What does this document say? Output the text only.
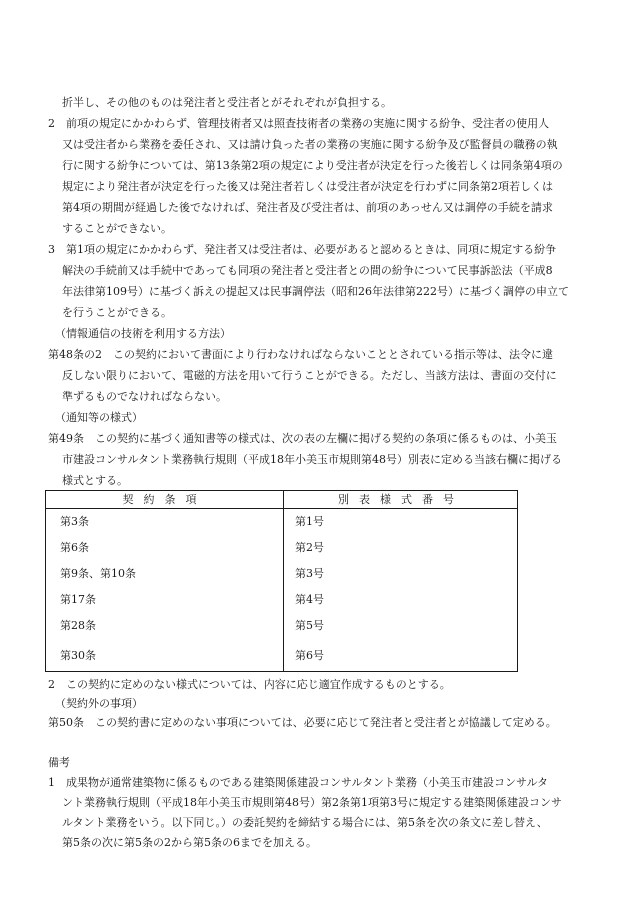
折半し、その他のものは発注者と受注者とがそれぞれが負担する。
2　前項の規定にかかわらず、管理技術者又は照査技術者の業務の実施に関する紛争、受注者の使用人
又は受注者から業務を委任され、又は請け負った者の業務の実施に関する紛争及び監督員の職務の執
行に関する紛争については、第13条第2項の規定により受注者が決定を行った後若しくは同条第4項の
規定により発注者が決定を行った後又は発注者若しくは受注者が決定を行わずに同条第2項若しくは
第4項の期間が経過した後でなければ、発注者及び受注者は、前項のあっせん又は調停の手続を請求
することができない。
3　第1項の規定にかかわらず、発注者又は受注者は、必要があると認めるときは、同項に規定する紛争
解決の手続前又は手続中であっても同項の発注者と受注者との間の紛争について民事訴訟法（平成8
年法律第109号）に基づく訴えの提起又は民事調停法（昭和26年法律第222号）に基づく調停の申立て
を行うことができる。
（情報通信の技術を利用する方法）
第48条の2　この契約において書面により行わなければならないこととされている指示等は、法令に違
反しない限りにおいて、電磁的方法を用いて行うことができる。ただし、当該方法は、書面の交付に
準ずるものでなければならない。
（通知等の様式）
第49条　この契約に基づく通知書等の様式は、次の表の左欄に掲げる契約の条項に係るものは、小美玉
市建設コンサルタント業務執行規則（平成18年小美玉市規則第48号）別表に定める当該右欄に掲げる
様式とする。
契約条項	別表様式番号
第3条	第1号
第6条	第2号
第9条、第10条	第3号
第17条	第4号
第28条	第5号
第30条	第6号
2　この契約に定めのない様式については、内容に応じ適宜作成するものとする。
（契約外の事項）
第50条　この契約書に定めのない事項については、必要に応じて発注者と受注者とが協議して定める。
備考
1　成果物が通常建築物に係るものである建築関係建設コンサルタント業務（小美玉市建設コンサルタ
ント業務執行規則（平成18年小美玉市規則第48号）第2条第1項第3号に規定する建築関係建設コンサ
ルタント業務をいう。以下同じ。）の委託契約を締結する場合には、第5条を次の条文に差し替え、
第5条の次に第5条の2から第5条の6までを加える。
